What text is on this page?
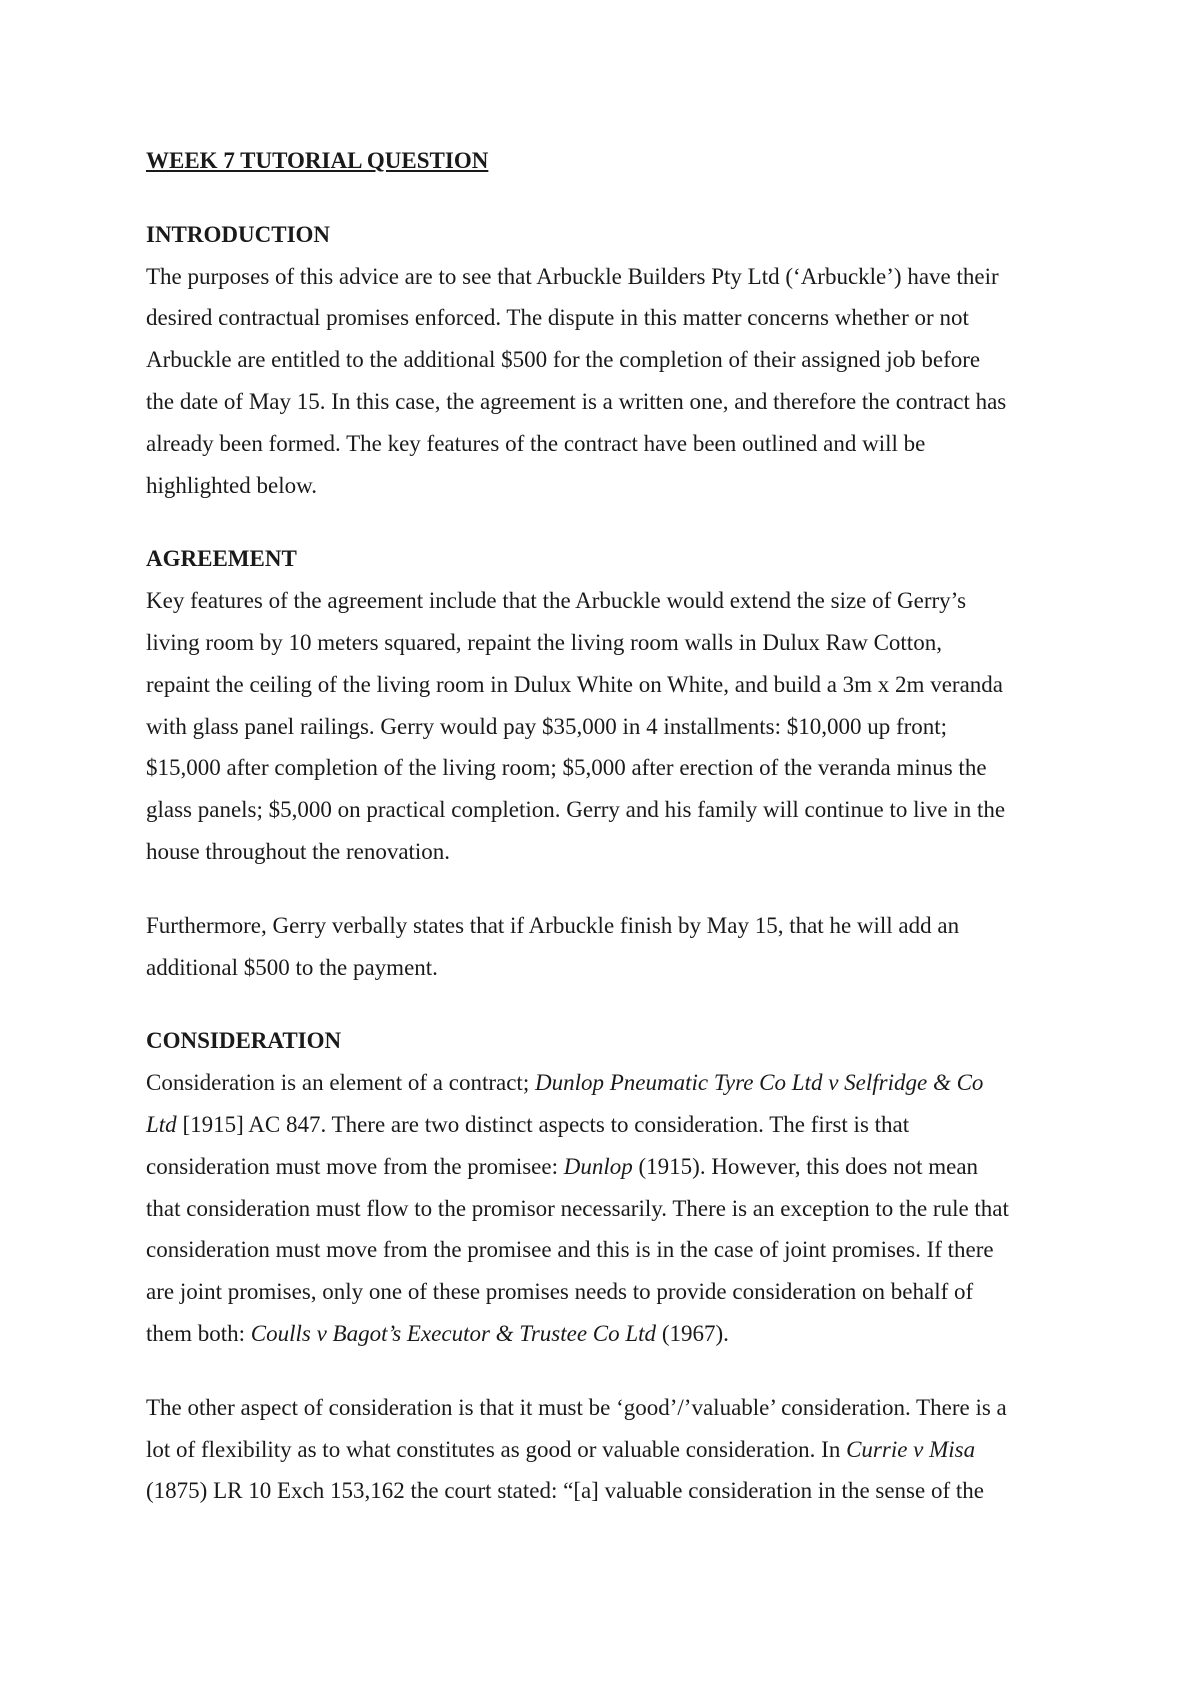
WEEK 7 TUTORIAL QUESTION

INTRODUCTION

The purposes of this advice are to see that Arbuckle Builders Pty Ltd (‘Arbuckle’) have their
desired contractual promises enforced. The dispute in this matter concerns whether or not
Arbuckle are entitled to the additional $500 for the completion of their assigned job before
the date of May 15. In this case, the agreement is a written one, and therefore the contract has
already been formed. The key features of the contract have been outlined and will be
highlighted below.

AGREEMENT

Key features of the agreement include that the Arbuckle would extend the size of Gerry’s
living room by 10 meters squared, repaint the living room walls in Dulux Raw Cotton,
repaint the ceiling of the living room in Dulux White on White, and build a 3m x 2m veranda
with glass panel railings. Gerry would pay $35,000 in 4 installments: $10,000 up front;
$15,000 after completion of the living room; $5,000 after erection of the veranda minus the
glass panels; $5,000 on practical completion. Gerry and his family will continue to live in the
house throughout the renovation.

Furthermore, Gerry verbally states that if Arbuckle finish by May 15, that he will add an
additional $500 to the payment.

CONSIDERATION

Consideration is an element of a contract; Dunlop Pneumatic Tyre Co Ltd v Selfridge & Co
Ltd [1915] AC 847. There are two distinct aspects to consideration. The first is that
consideration must move from the promisee: Dunlop (1915). However, this does not mean
that consideration must flow to the promisor necessarily. There is an exception to the rule that
consideration must move from the promisee and this is in the case of joint promises. If there
are joint promises, only one of these promises needs to provide consideration on behalf of
them both: Coulls v Bagot’s Executor & Trustee Co Ltd (1967).

The other aspect of consideration is that it must be ‘good’/’valuable’ consideration. There is a
lot of flexibility as to what constitutes as good or valuable consideration. In Currie v Misa
(1875) LR 10 Exch 153,162 the court stated: “[a] valuable consideration in the sense of the
